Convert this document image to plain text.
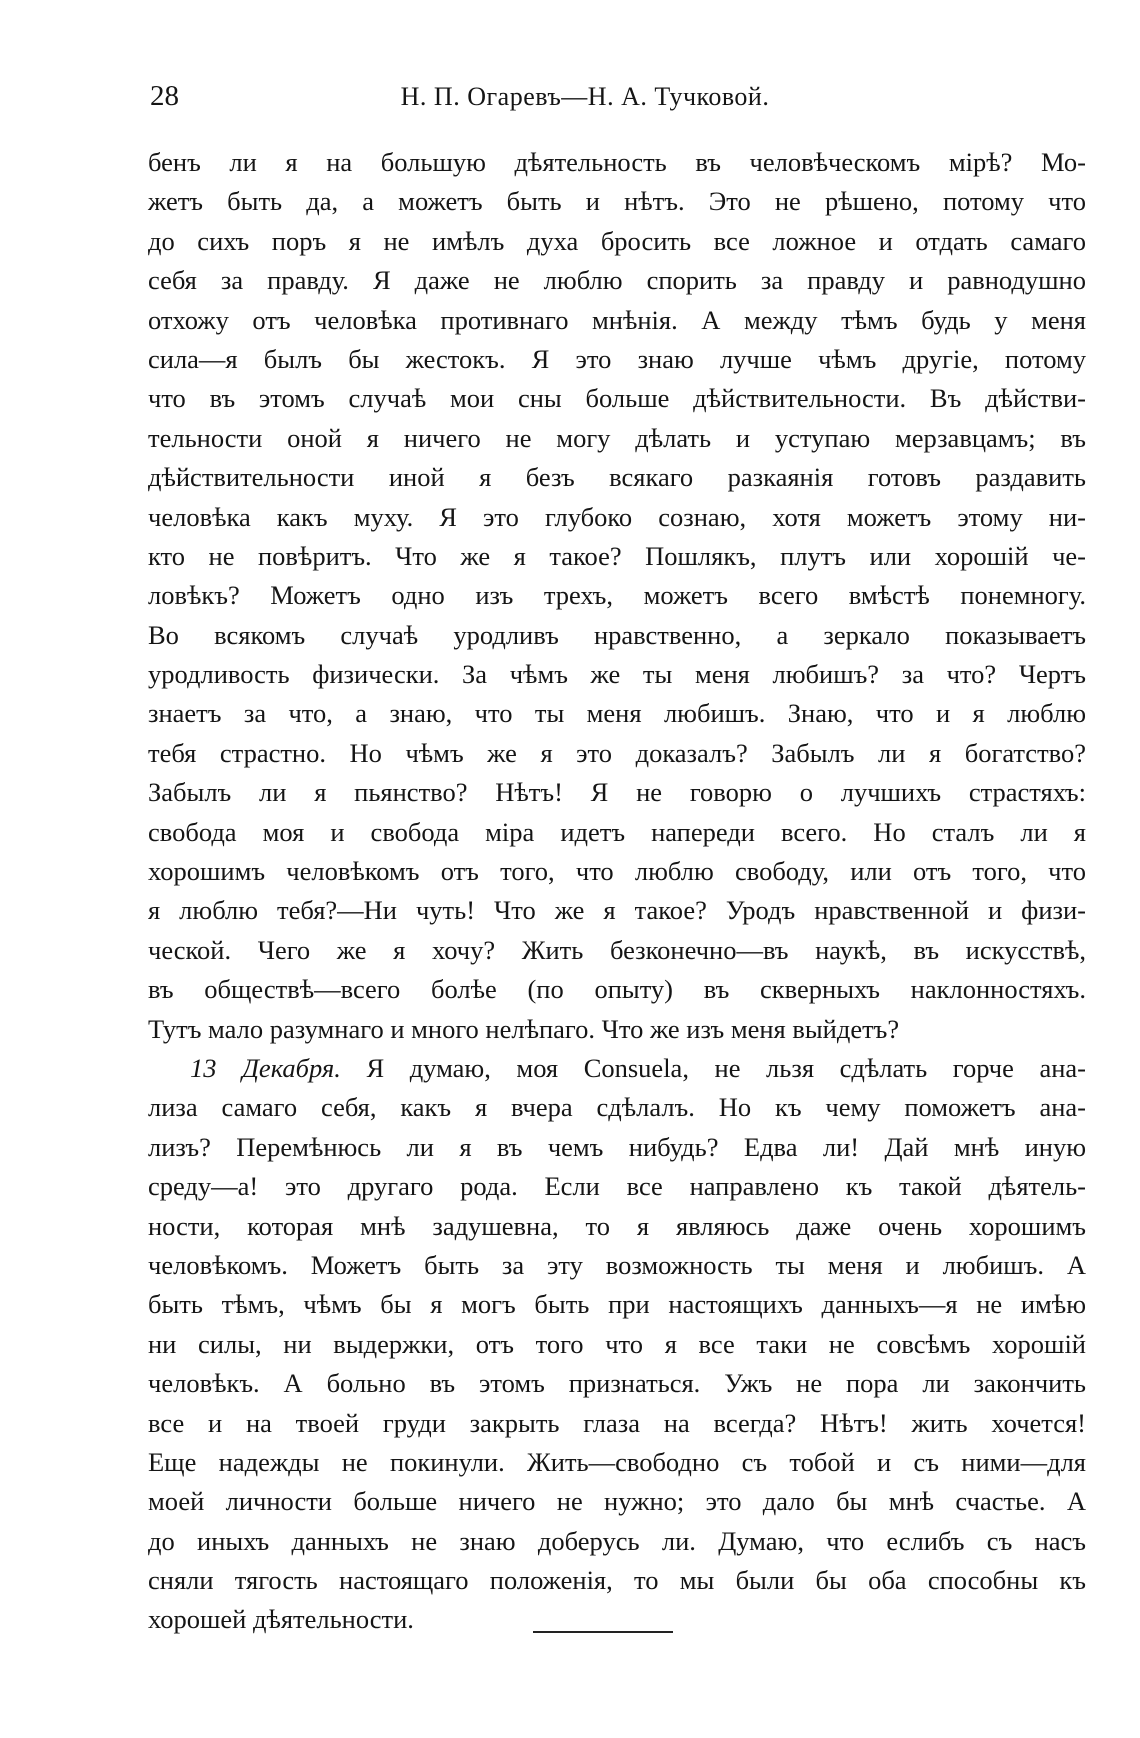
28	Н. П. Огаревъ—Н. А. Тучковой.
бенъ ли я на большую дѣятельность въ человѣческомъ мірѣ? Мо-
жетъ быть да, а можетъ быть и нѣтъ. Это не рѣшено, потому что
до сихъ поръ я не имѣлъ духа бросить все ложное и отдать самаго
себя за правду. Я даже не люблю спорить за правду и равнодушно
отхожу отъ человѣка противнаго мнѣнія. А между тѣмъ будь у меня
сила—я былъ бы жестокъ. Я это знаю лучше чѣмъ другіе, потому
что въ этомъ случаѣ мои сны больше дѣйствительности. Въ дѣйстви-
тельности оной я ничего не могу дѣлать и уступаю мерзавцамъ; въ
дѣйствительности иной я безъ всякаго разкаянія готовъ раздавить
человѣка какъ муху. Я это глубоко сознаю, хотя можетъ этому ни-
кто не повѣритъ. Что же я такое? Пошлякъ, плутъ или хорошій че-
ловѣкъ? Можетъ одно изъ трехъ, можетъ всего вмѣстѣ понемногу.
Во всякомъ случаѣ уродливъ нравственно, а зеркало показываетъ
уродливость физически. За чѣмъ же ты меня любишъ? за что? Чертъ
знаетъ за что, а знаю, что ты меня любишъ. Знаю, что и я люблю
тебя страстно. Но чѣмъ же я это доказалъ? Забылъ ли я богатство?
Забылъ ли я пьянство? Нѣтъ! Я не говорю о лучшихъ страстяхъ:
свобода моя и свобода міра идетъ напереди всего. Но сталъ ли я
хорошимъ человѣкомъ отъ того, что люблю свободу, или отъ того, что
я люблю тебя?—Ни чуть! Что же я такое? Уродъ нравственной и физи-
ческой. Чего же я хочу? Жить безконечно—въ наукѣ, въ искусствѣ,
въ обществѣ—всего болѣе (по опыту) въ скверныхъ наклонностяхъ.
Тутъ мало разумнаго и много нелѣпаго. Что же изъ меня выйдетъ?
13 Декабря. Я думаю, моя Consuela, не льзя сдѣлать горче ана-
лиза самаго себя, какъ я вчера сдѣлалъ. Но къ чему поможетъ ана-
лизъ? Перемѣнюсь ли я въ чемъ нибудь? Едва ли! Дай мнѣ иную
среду—а! это другаго рода. Если все направлено къ такой дѣятель-
ности, которая мнѣ задушевна, то я являюсь даже очень хорошимъ
человѣкомъ. Можетъ быть за эту возможность ты меня и любишъ. А
быть тѣмъ, чѣмъ бы я могъ быть при настоящихъ данныхъ—я не имѣю
ни силы, ни выдержки, отъ того что я все таки не совсѣмъ хорошій
человѣкъ. А больно въ этомъ признаться. Ужъ не пора ли закончить
все и на твоей груди закрыть глаза на всегда? Нѣтъ! жить хочется!
Еще надежды не покинули. Жить—свободно съ тобой и съ ними—для
моей личности больше ничего не нужно; это дало бы мнѣ счастье. А
до иныхъ данныхъ не знаю доберусь ли. Думаю, что еслибъ съ насъ
сняли тягость настоящаго положенія, то мы были бы оба способны къ
хорошей дѣятельности.
